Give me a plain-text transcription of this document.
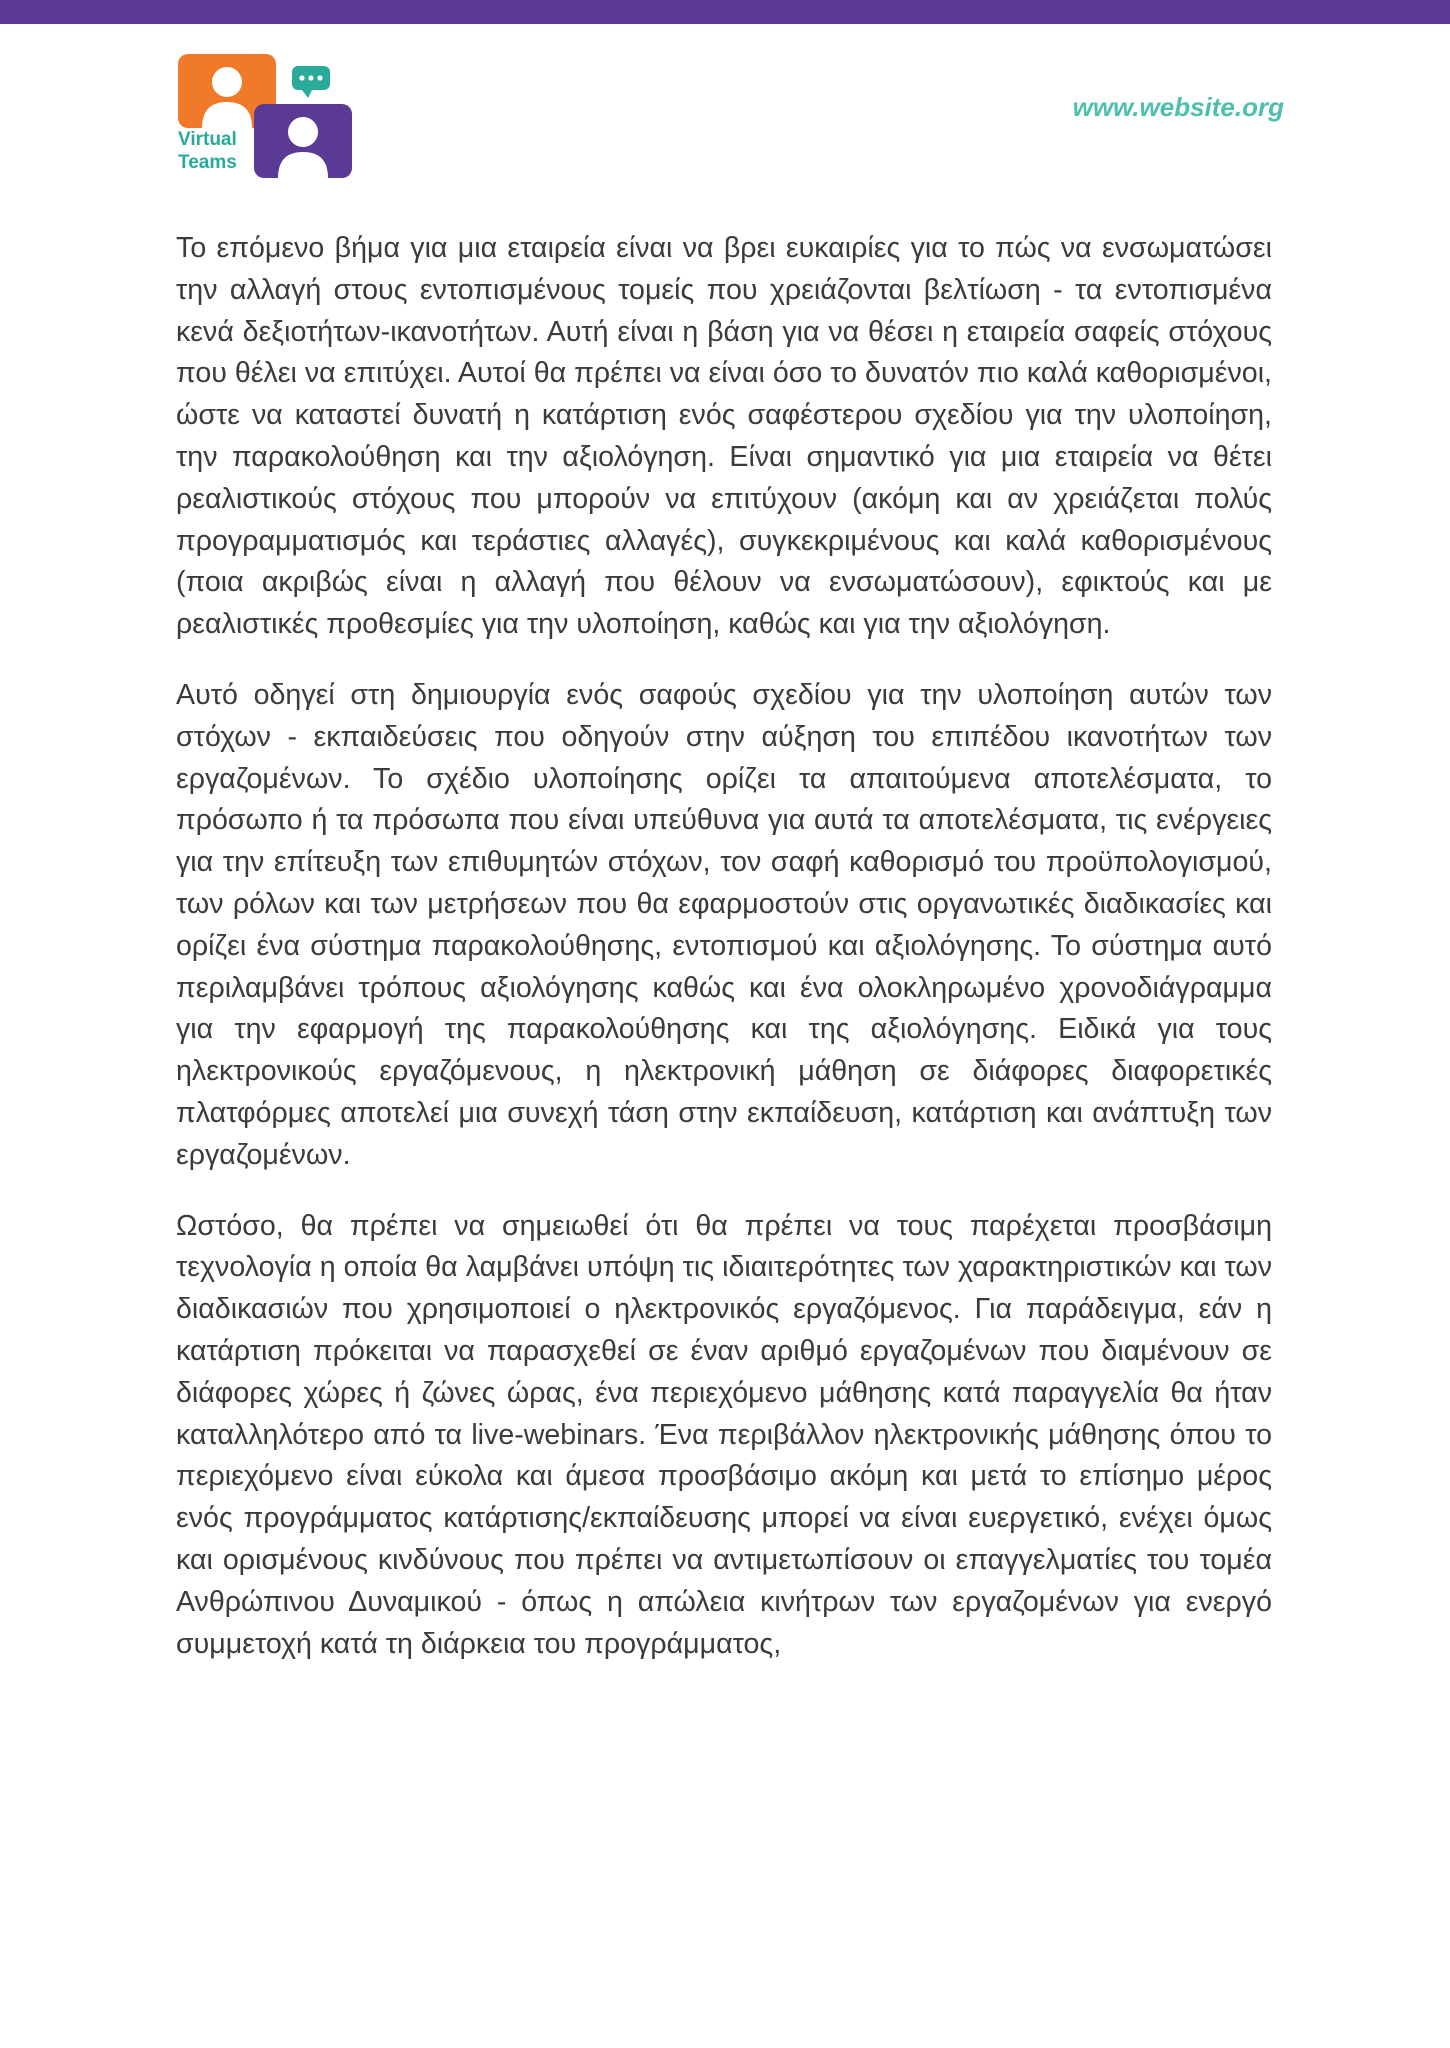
Virtual
Teams
www.website.org

Το επόμενο βήμα για μια εταιρεία είναι να βρει ευκαιρίες για το πώς να ενσωματώσει την αλλαγή στους εντοπισμένους τομείς που χρειάζονται βελτίωση - τα εντοπισμένα κενά δεξιοτήτων-ικανοτήτων. Αυτή είναι η βάση για να θέσει η εταιρεία σαφείς στόχους που θέλει να επιτύχει. Αυτοί θα πρέπει να είναι όσο το δυνατόν πιο καλά καθορισμένοι, ώστε να καταστεί δυνατή η κατάρτιση ενός σαφέστερου σχεδίου για την υλοποίηση, την παρακολούθηση και την αξιολόγηση. Είναι σημαντικό για μια εταιρεία να θέτει ρεαλιστικούς στόχους που μπορούν να επιτύχουν (ακόμη και αν χρειάζεται πολύς προγραμματισμός και τεράστιες αλλαγές), συγκεκριμένους και καλά καθορισμένους (ποια ακριβώς είναι η αλλαγή που θέλουν να ενσωματώσουν), εφικτούς και με ρεαλιστικές προθεσμίες για την υλοποίηση, καθώς και για την αξιολόγηση.

Αυτό οδηγεί στη δημιουργία ενός σαφούς σχεδίου για την υλοποίηση αυτών των στόχων - εκπαιδεύσεις που οδηγούν στην αύξηση του επιπέδου ικανοτήτων των εργαζομένων. Το σχέδιο υλοποίησης ορίζει τα απαιτούμενα αποτελέσματα, το πρόσωπο ή τα πρόσωπα που είναι υπεύθυνα για αυτά τα αποτελέσματα, τις ενέργειες για την επίτευξη των επιθυμητών στόχων, τον σαφή καθορισμό του προϋπολογισμού, των ρόλων και των μετρήσεων που θα εφαρμοστούν στις οργανωτικές διαδικασίες και ορίζει ένα σύστημα παρακολούθησης, εντοπισμού και αξιολόγησης. Το σύστημα αυτό περιλαμβάνει τρόπους αξιολόγησης καθώς και ένα ολοκληρωμένο χρονοδιάγραμμα για την εφαρμογή της παρακολούθησης και της αξιολόγησης. Ειδικά για τους ηλεκτρονικούς εργαζόμενους, η ηλεκτρονική μάθηση σε διάφορες διαφορετικές πλατφόρμες αποτελεί μια συνεχή τάση στην εκπαίδευση, κατάρτιση και ανάπτυξη των εργαζομένων.

Ωστόσο, θα πρέπει να σημειωθεί ότι θα πρέπει να τους παρέχεται προσβάσιμη τεχνολογία η οποία θα λαμβάνει υπόψη τις ιδιαιτερότητες των χαρακτηριστικών και των διαδικασιών που χρησιμοποιεί ο ηλεκτρονικός εργαζόμενος. Για παράδειγμα, εάν η κατάρτιση πρόκειται να παρασχεθεί σε έναν αριθμό εργαζομένων που διαμένουν σε διάφορες χώρες ή ζώνες ώρας, ένα περιεχόμενο μάθησης κατά παραγγελία θα ήταν καταλληλότερο από τα live-webinars. Ένα περιβάλλον ηλεκτρονικής μάθησης όπου το περιεχόμενο είναι εύκολα και άμεσα προσβάσιμο ακόμη και μετά το επίσημο μέρος ενός προγράμματος κατάρτισης/εκπαίδευσης μπορεί να είναι ευεργετικό, ενέχει όμως και ορισμένους κινδύνους που πρέπει να αντιμετωπίσουν οι επαγγελματίες του τομέα Ανθρώπινου Δυναμικού - όπως η απώλεια κινήτρων των εργαζομένων για ενεργό συμμετοχή κατά τη διάρκεια του προγράμματος,
